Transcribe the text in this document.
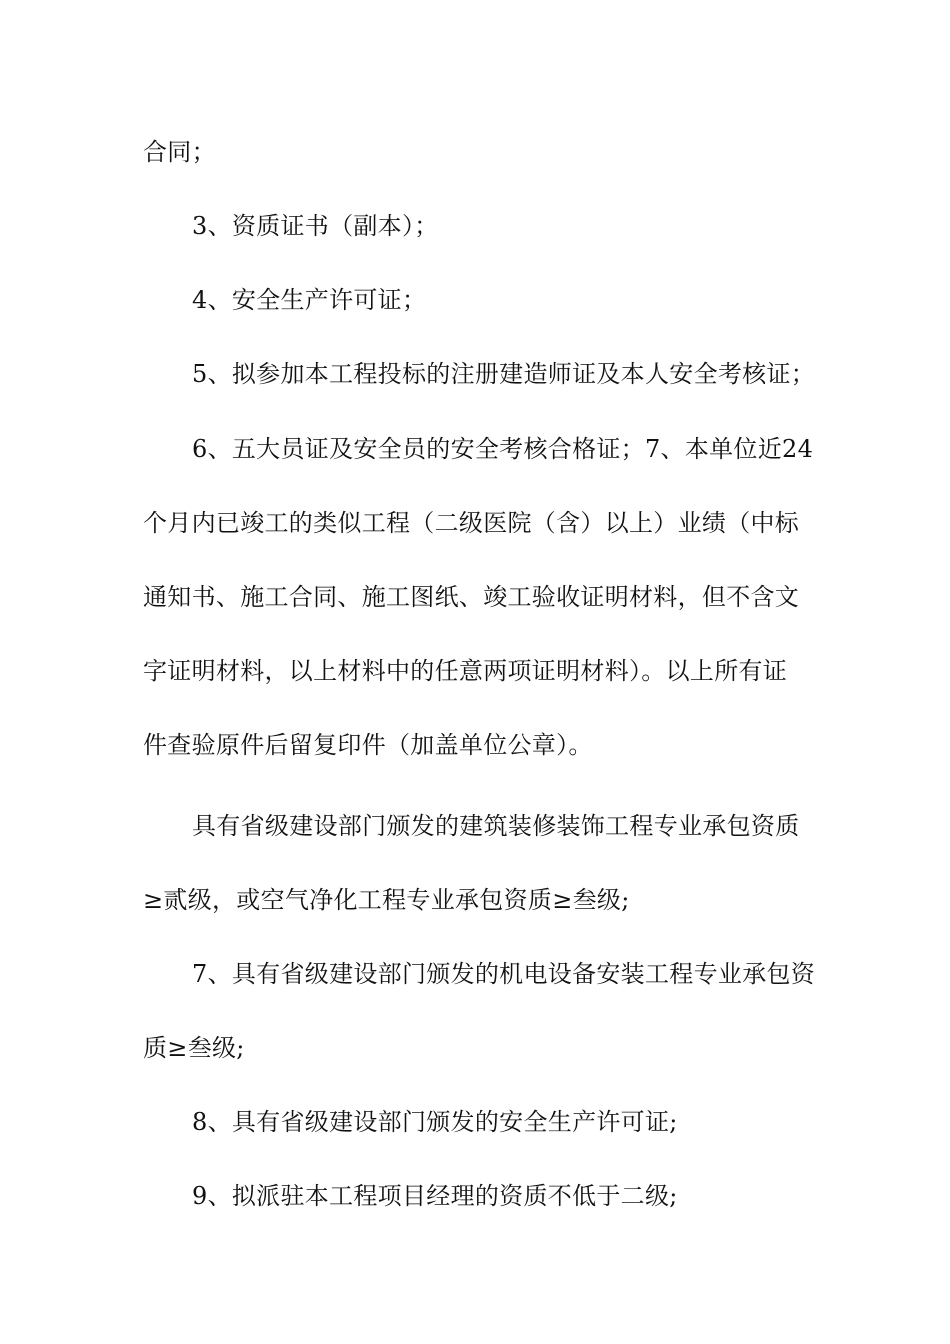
合同；
3、资质证书（副本）；
4、安全生产许可证；
5、拟参加本工程投标的注册建造师证及本人安全考核证；
6、五大员证及安全员的安全考核合格证；7、本单位近24
个月内已竣工的类似工程（二级医院（含）以上）业绩（中标
通知书、施工合同、施工图纸、竣工验收证明材料，但不含文
字证明材料，以上材料中的任意两项证明材料）。以上所有证
件查验原件后留复印件（加盖单位公章）。
具有省级建设部门颁发的建筑装修装饰工程专业承包资质
≥贰级，或空气净化工程专业承包资质≥叁级;
7、具有省级建设部门颁发的机电设备安装工程专业承包资
质≥叁级;
8、具有省级建设部门颁发的安全生产许可证;
9、拟派驻本工程项目经理的资质不低于二级;
